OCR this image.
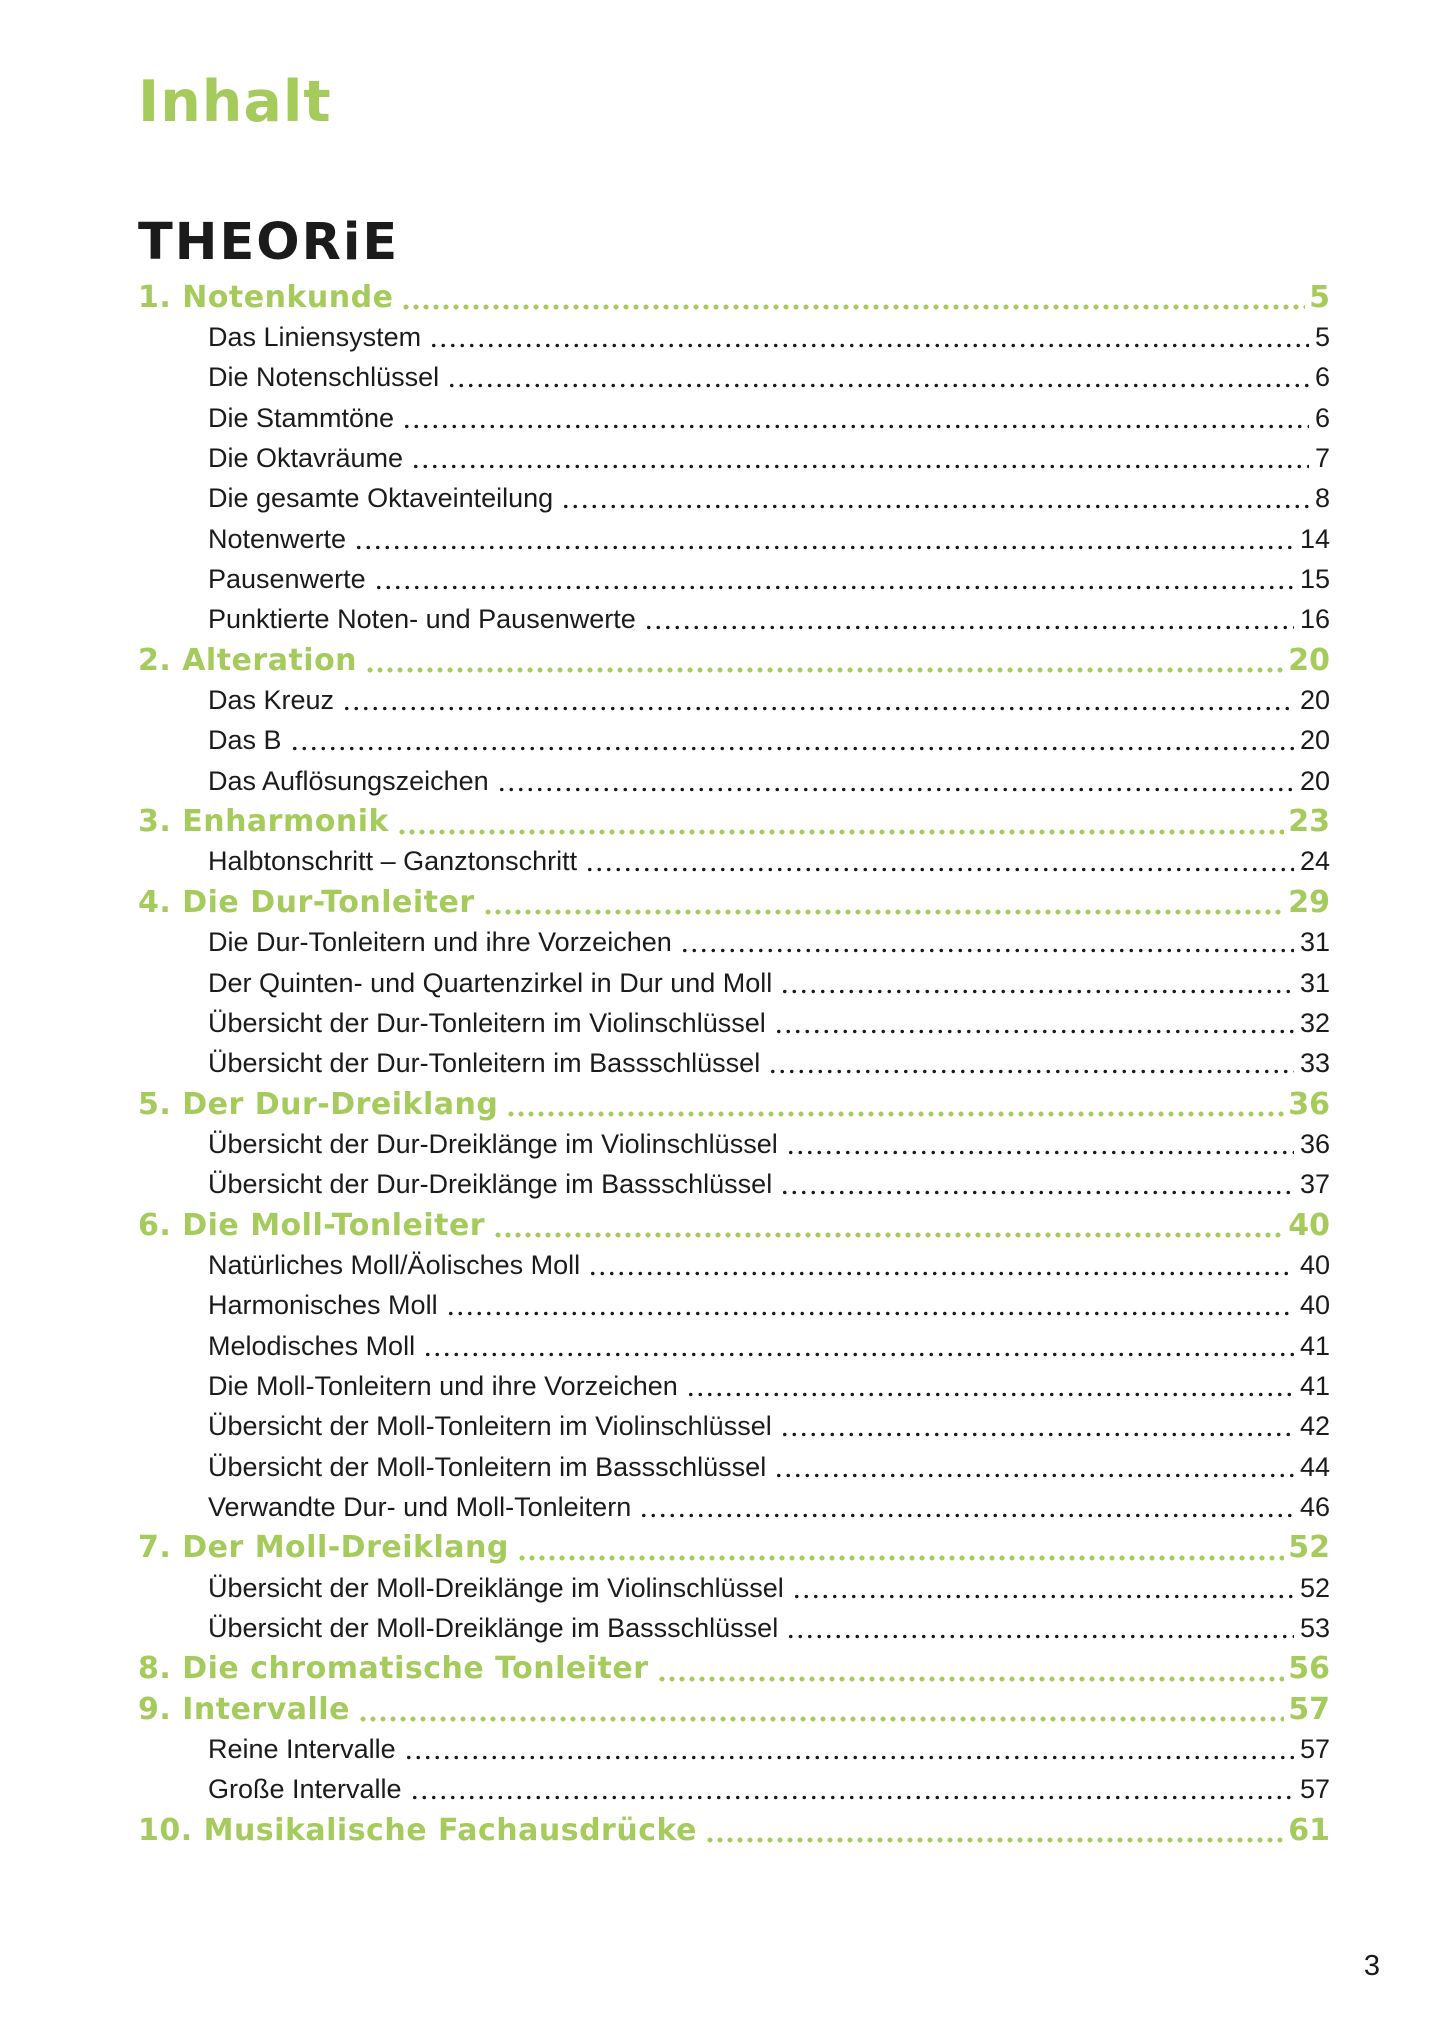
Inhalt
THEORiE
1. Notenkunde	5
Das Liniensystem	5
Die Notenschlüssel	6
Die Stammtöne	6
Die Oktavräume	7
Die gesamte Oktaveinteilung	8
Notenwerte	14
Pausenwerte	15
Punktierte Noten- und Pausenwerte	16
2. Alteration	20
Das Kreuz	20
Das B	20
Das Auflösungszeichen	20
3. Enharmonik	23
Halbtonschritt – Ganztonschritt	24
4. Die Dur-Tonleiter	29
Die Dur-Tonleitern und ihre Vorzeichen	31
Der Quinten- und Quartenzirkel in Dur und Moll	31
Übersicht der Dur-Tonleitern im Violinschlüssel	32
Übersicht der Dur-Tonleitern im Bassschlüssel	33
5. Der Dur-Dreiklang	36
Übersicht der Dur-Dreiklänge im Violinschlüssel	36
Übersicht der Dur-Dreiklänge im Bassschlüssel	37
6. Die Moll-Tonleiter	40
Natürliches Moll/Äolisches Moll	40
Harmonisches Moll	40
Melodisches Moll	41
Die Moll-Tonleitern und ihre Vorzeichen	41
Übersicht der Moll-Tonleitern im Violinschlüssel	42
Übersicht der Moll-Tonleitern im Bassschlüssel	44
Verwandte Dur- und Moll-Tonleitern	46
7. Der Moll-Dreiklang	52
Übersicht der Moll-Dreiklänge im Violinschlüssel	52
Übersicht der Moll-Dreiklänge im Bassschlüssel	53
8. Die chromatische Tonleiter	56
9. Intervalle	57
Reine Intervalle	57
Große Intervalle	57
10. Musikalische Fachausdrücke	61
3
